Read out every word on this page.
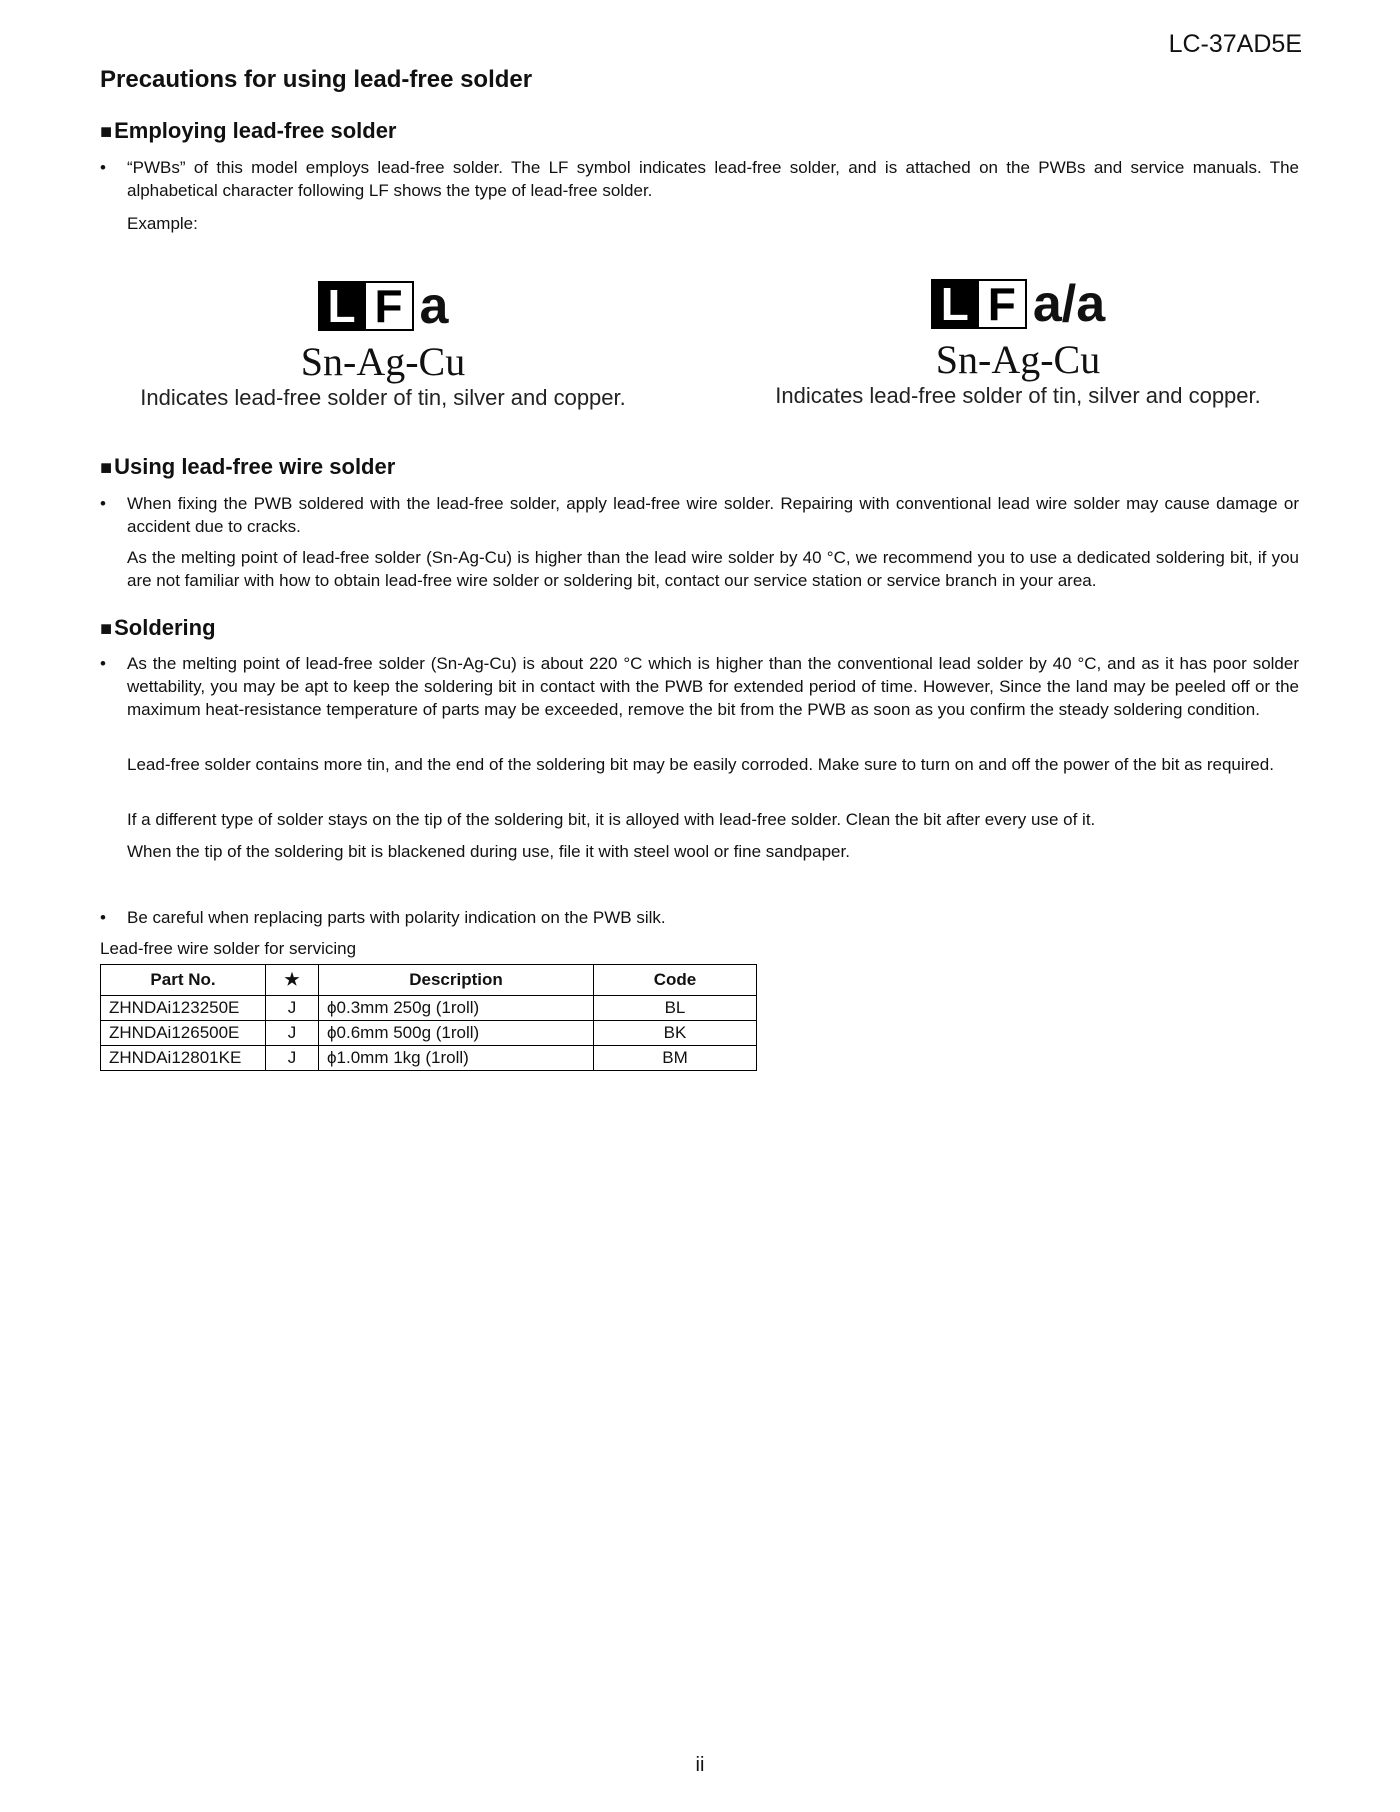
LC-37AD5E
Precautions for using lead-free solder
■Employing lead-free solder
• “PWBs” of this model employs lead-free solder. The LF symbol indicates lead-free solder, and is attached on the PWBs and service manuals. The alphabetical character following LF shows the type of lead-free solder.

Example:

L F a
Sn-Ag-Cu
Indicates lead-free solder of tin, silver and copper.
L F a/a
Sn-Ag-Cu
Indicates lead-free solder of tin, silver and copper.
■Using lead-free wire solder
• When fixing the PWB soldered with the lead-free solder, apply lead-free wire solder. Repairing with conventional lead wire solder may cause damage or accident due to cracks.

As the melting point of lead-free solder (Sn-Ag-Cu) is higher than the lead wire solder by 40 °C, we recommend you to use a dedicated soldering bit, if you are not familiar with how to obtain lead-free wire solder or soldering bit, contact our service station or service branch in your area.

■Soldering
• As the melting point of lead-free solder (Sn-Ag-Cu) is about 220 °C which is higher than the conventional lead solder by 40 °C, and as it has poor solder wettability, you may be apt to keep the soldering bit in contact with the PWB for extended period of time. However, Since the land may be peeled off or the maximum heat-resistance temperature of parts may be exceeded, remove the bit from the PWB as soon as you confirm the steady soldering condition.

Lead-free solder contains more tin, and the end of the soldering bit may be easily corroded. Make sure to turn on and off the power of the bit as required.

If a different type of solder stays on the tip of the soldering bit, it is alloyed with lead-free solder. Clean the bit after every use of it.

When the tip of the soldering bit is blackened during use, file it with steel wool or fine sandpaper.

• Be careful when replacing parts with polarity indication on the PWB silk.

Lead-free wire solder for servicing

Part No.	★	Description	Code
ZHNDAi123250E	J	ϕ0.3mm 250g (1roll)	BL
ZHNDAi126500E	J	ϕ0.6mm 500g (1roll)	BK
ZHNDAi12801KE	J	ϕ1.0mm 1kg (1roll)	BM
ii
